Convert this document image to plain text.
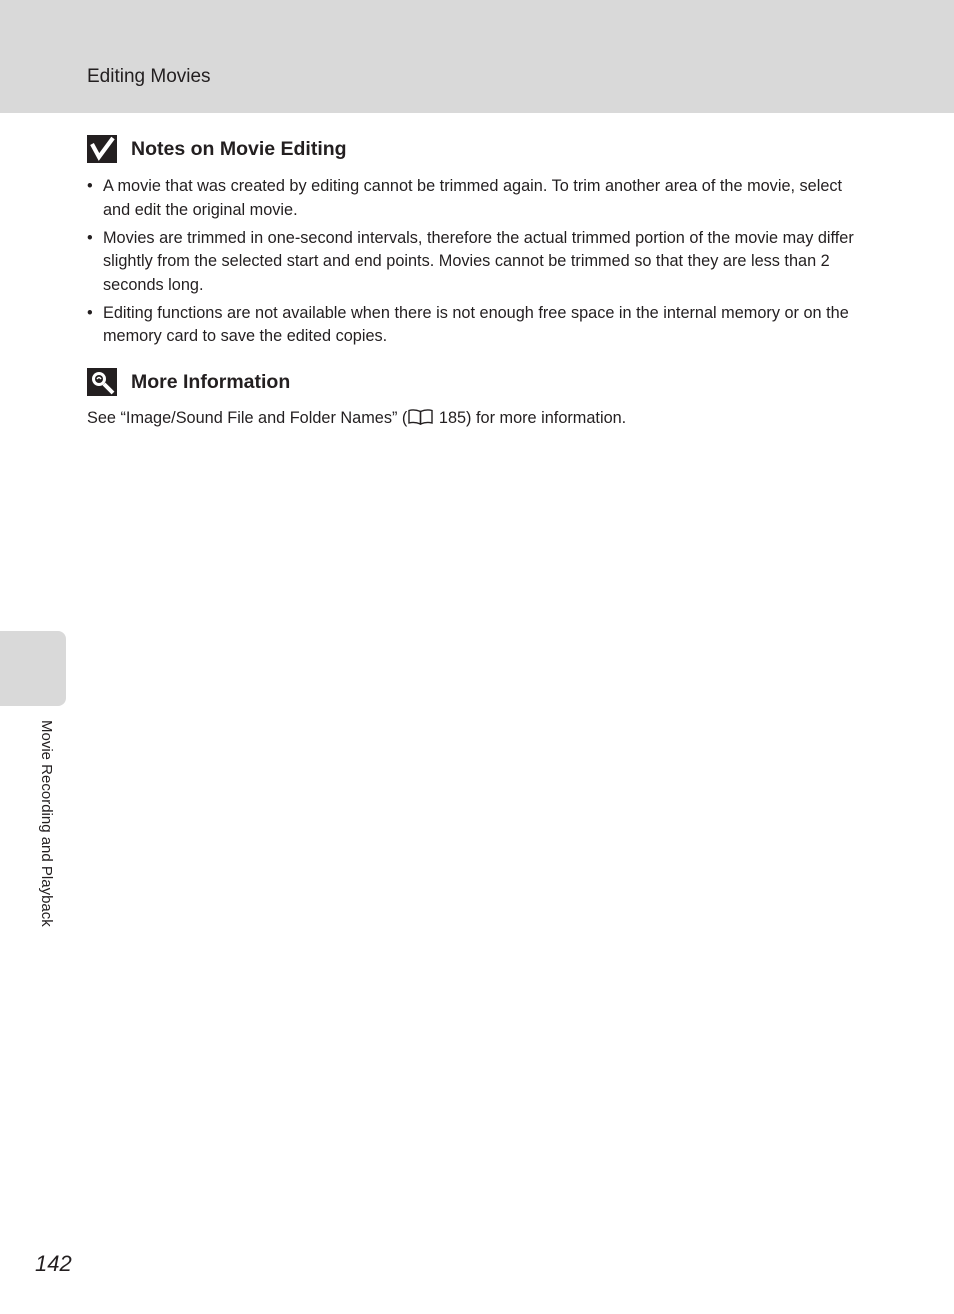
Editing Movies
Notes on Movie Editing
• A movie that was created by editing cannot be trimmed again. To trim another area of the movie, select and edit the original movie.
• Movies are trimmed in one-second intervals, therefore the actual trimmed portion of the movie may differ slightly from the selected start and end points. Movies cannot be trimmed so that they are less than 2 seconds long.
• Editing functions are not available when there is not enough free space in the internal memory or on the memory card to save the edited copies.
More Information

See “Image/Sound File and Folder Names” ( 185) for more information.

Movie Recording and Playback
142
